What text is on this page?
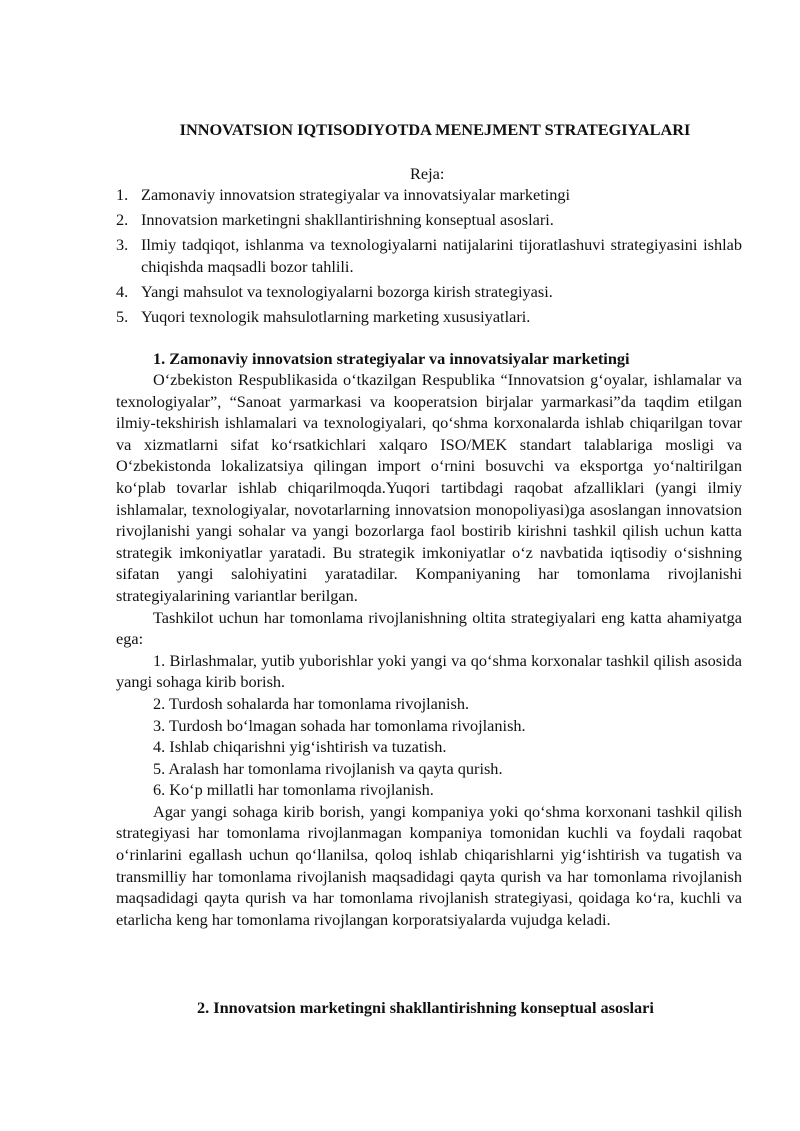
INNOVATSION IQTISODIYOTDA MENEJMENT STRATEGIYALARI
Reja:
1. Zamonaviy innovatsion strategiyalar va innovatsiyalar marketingi
2. Innovatsion marketingni shakllantirishning konseptual asoslari.
3. Ilmiy tadqiqot, ishlanma va texnologiyalarni natijalarini tijoratlashuvi strategiyasini ishlab chiqishda maqsadli bozor tahlili.
4. Yangi mahsulot va texnologiyalarni bozorga kirish strategiyasi.
5. Yuqori texnologik mahsulotlarning marketing xususiyatlari.
1. Zamonaviy innovatsion strategiyalar va innovatsiyalar marketingi

O‘zbekiston Respublikasida o‘tkazilgan Respublika “Innovatsion g‘oyalar, ishlamalar va texnologiyalar”, “Sanoat yarmarkasi va kooperatsion birjalar yarmarkasi”da taqdim etilgan ilmiy-tekshirish ishlamalari va texnologiyalari, qo‘shma korxonalarda ishlab chiqarilgan tovar va xizmatlarni sifat ko‘rsatkichlari xalqaro ISO/MEK standart talablariga mosligi va O‘zbekistonda lokalizatsiya qilingan import o‘rnini bosuvchi va eksportga yo‘naltirilgan ko‘plab tovarlar ishlab chiqarilmoqda.Yuqori tartibdagi raqobat afzalliklari (yangi ilmiy ishlamalar, texnologiyalar, novotarlarning innovatsion monopoliyasi)ga asoslangan innovatsion rivojlanishi yangi sohalar va yangi bozorlarga faol bostirib kirishni tashkil qilish uchun katta strategik imkoniyatlar yaratadi. Bu strategik imkoniyatlar o‘z navbatida iqtisodiy o‘sishning sifatan yangi salohiyatini yaratadilar. Kompaniyaning har tomonlama rivojlanishi strategiyalarining variantlar berilgan.

Tashkilot uchun har tomonlama rivojlanishning oltita strategiyalari eng katta ahamiyatga ega:

1. Birlashmalar, yutib yuborishlar yoki yangi va qo‘shma korxonalar tashkil qilish asosida yangi sohaga kirib borish.

2. Turdosh sohalarda har tomonlama rivojlanish.

3. Turdosh bo‘lmagan sohada har tomonlama rivojlanish.

4. Ishlab chiqarishni yig‘ishtirish va tuzatish.

5. Aralash har tomonlama rivojlanish va qayta qurish.

6. Ko‘p millatli har tomonlama rivojlanish.

Agar yangi sohaga kirib borish, yangi kompaniya yoki qo‘shma korxonani tashkil qilish strategiyasi har tomonlama rivojlanmagan kompaniya tomonidan kuchli va foydali raqobat o‘rinlarini egallash uchun qo‘llanilsa, qoloq ishlab chiqarishlarni yig‘ishtirish va tugatish va transmilliy har tomonlama rivojlanish maqsadidagi qayta qurish va har tomonlama rivojlanish maqsadidagi qayta qurish va har tomonlama rivojlanish strategiyasi, qoidaga ko‘ra, kuchli va etarlicha keng har tomonlama rivojlangan korporatsiyalarda vujudga keladi.

2. Innovatsion marketingni shakllantirishning konseptual asoslari
